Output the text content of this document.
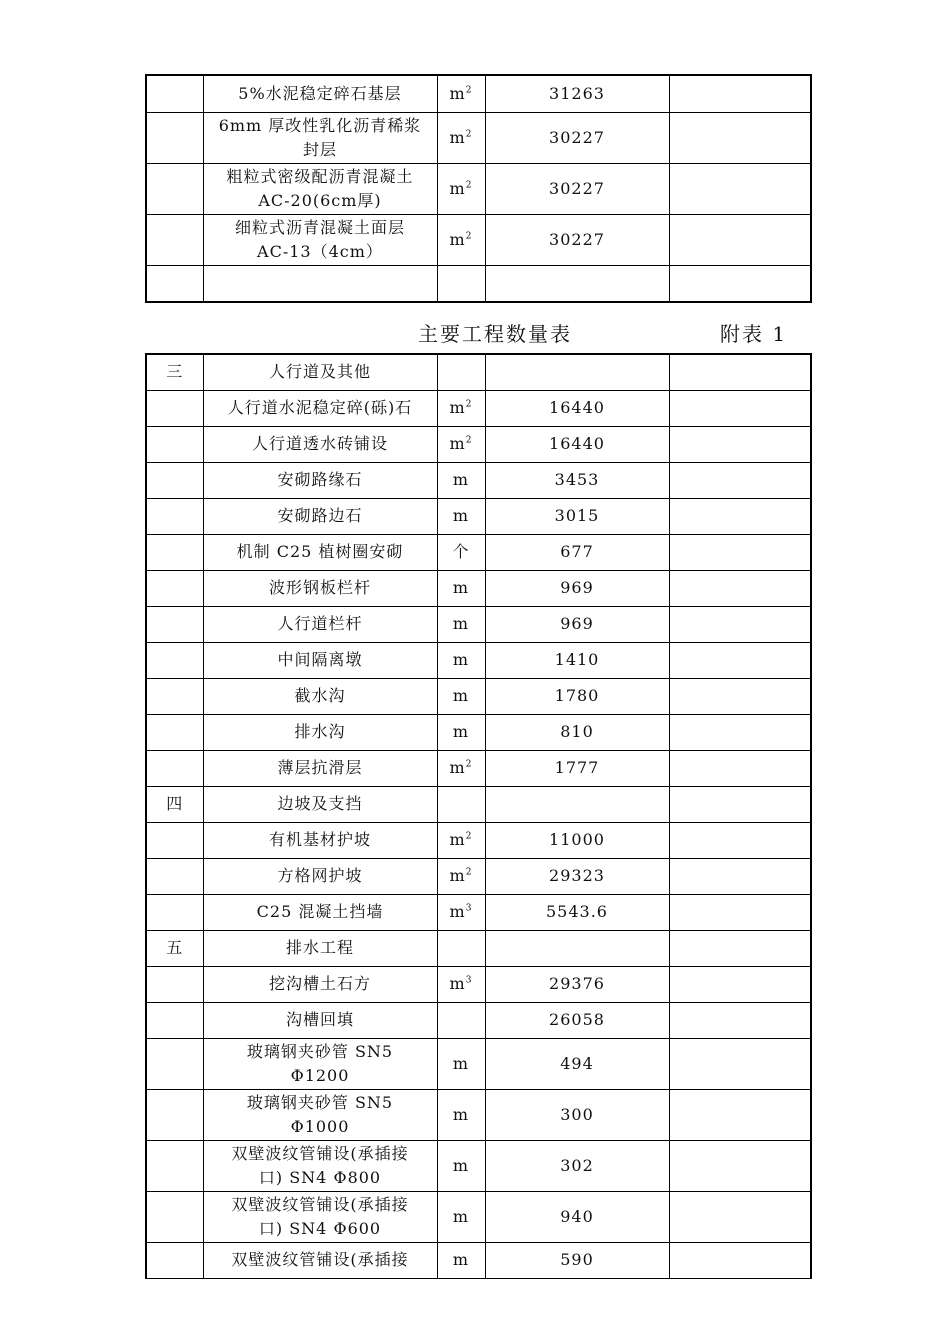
	5%水泥稳定碎石基层	$m^2$	31263	

	6mm 厚改性乳化沥青稀浆
封层	$m^2$	30227	

	粗粒式密级配沥青混凝土
AC-20(6cm厚)	$m^2$	30227	

	细粒式沥青混凝土面层
AC-13（4cm）	$m^2$	30227	

主要工程数量表	附表 1
三	人行道及其他			

	人行道水泥稳定碎(砾)石	$m^2$	16440	

	人行道透水砖铺设	$m^2$	16440	

	安砌路缘石	m	3453	

	安砌路边石	m	3015	

	机制 C25 植树圈安砌	个	677	

	波形钢板栏杆	m	969	

	人行道栏杆	m	969	

	中间隔离墩	m	1410	

	截水沟	m	1780	

	排水沟	m	810	

	薄层抗滑层	$m^2$	1777	
四	边坡及支挡			

	有机基材护坡	$m^2$	11000	

	方格网护坡	$m^2$	29323	

	C25 混凝土挡墙	$m^3$	5543.6	
五	排水工程			

	挖沟槽土石方	$m^3$	29376	

	沟槽回填		26058	

	玻璃钢夹砂管 SN5
Φ1200	m	494	

	玻璃钢夹砂管 SN5
Φ1000	m	300	

	双壁波纹管铺设(承插接
口) SN4 Φ800	m	302	

	双壁波纹管铺设(承插接
口) SN4 Φ600	m	940	

	双壁波纹管铺设(承插接	m	590	
